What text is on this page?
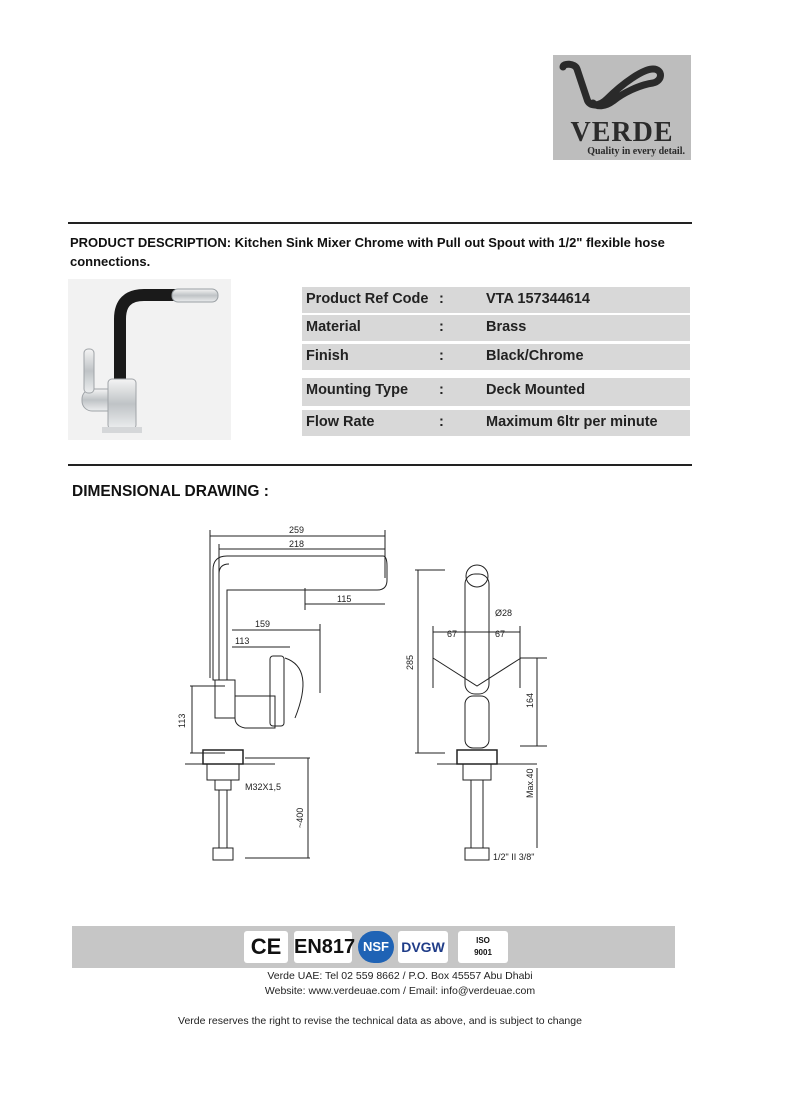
VERDE
Quality in every detail.
PRODUCT DESCRIPTION: Kitchen Sink Mixer Chrome with Pull out Spout with 1/2" flexible hose connections.
Product Ref Code :	VTA 157344614
Material	:	Brass
Finish	:	Black/Chrome
Mounting Type :	Deck Mounted
Flow Rate	:	Maximum 6ltr per minute
DIMENSIONAL DRAWING :
259
218
115
159
113
113
M32X1,5
~400
285
Ø28
67	67
164
Max.40
1/2" II 3/8"
CE EN817 NSF DVGW	ISO
9001
Verde UAE: Tel 02 559 8662 / P.O. Box 45557 Abu Dhabi
Website: www.verdeuae.com / Email: info@verdeuae.com
Verde reserves the right to revise the technical data as above, and is subject to change
